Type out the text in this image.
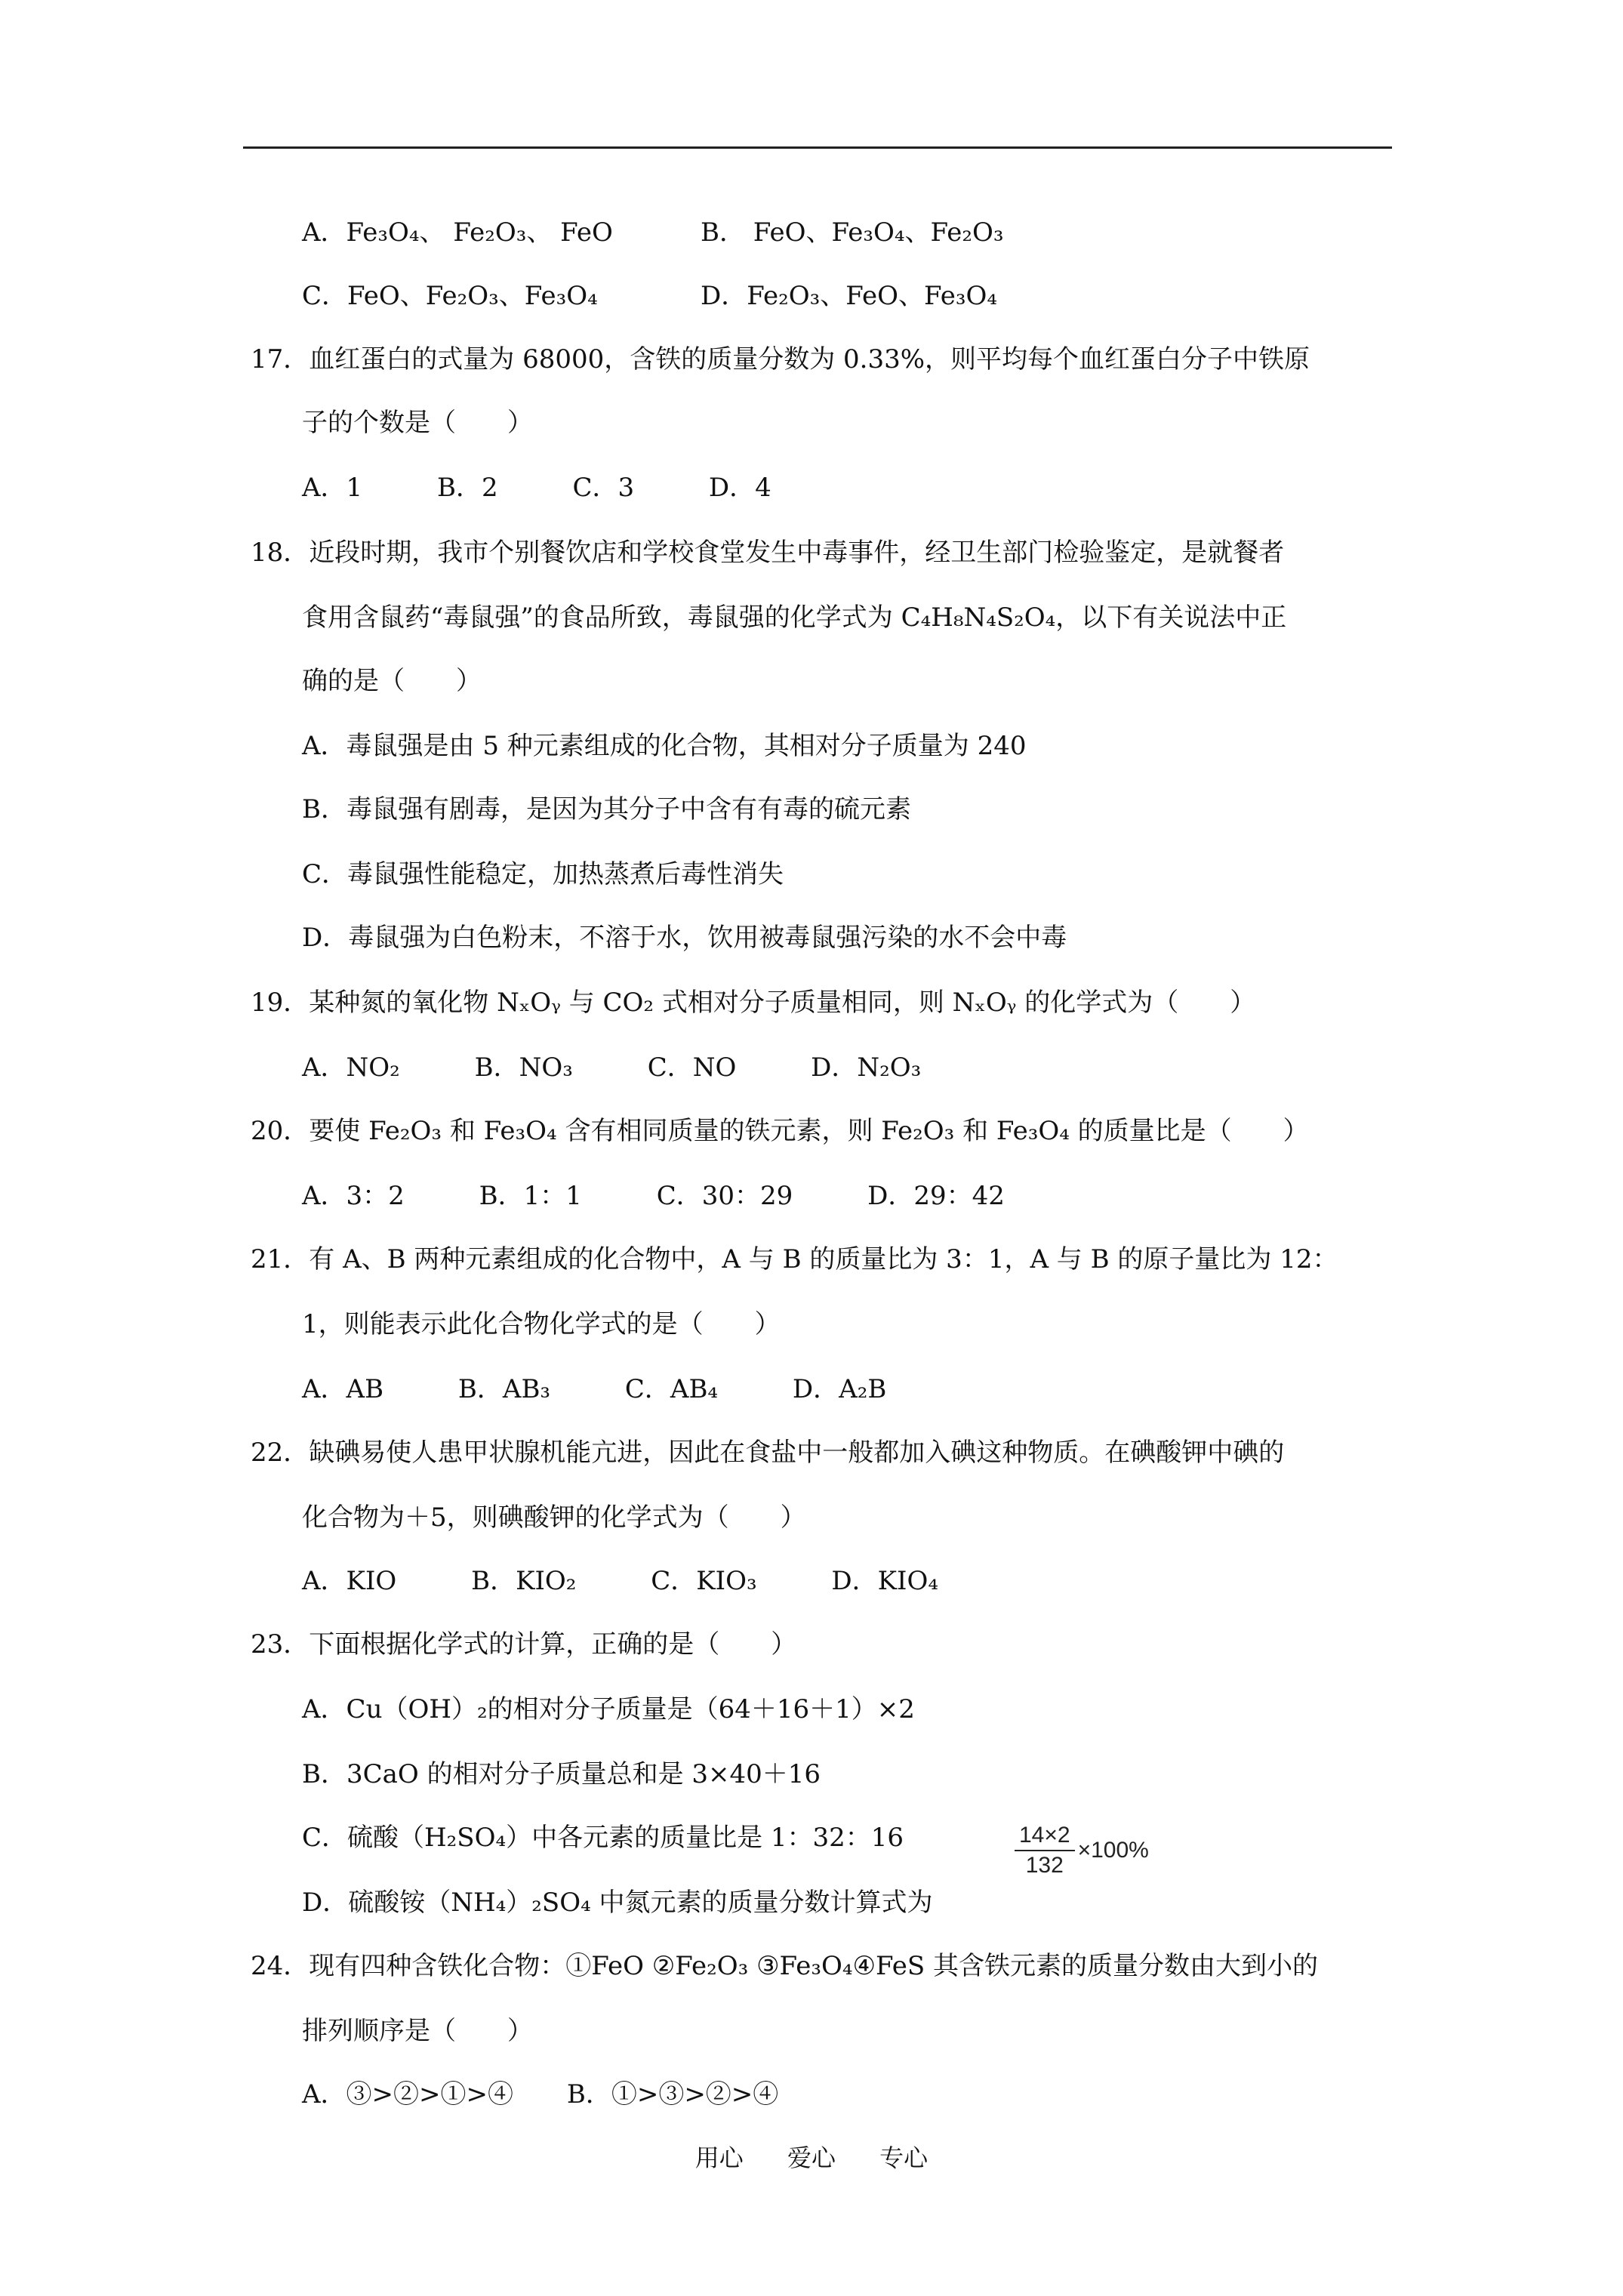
A．Fe₃O₄、 Fe₂O₃、 FeO	B． FeO、Fe₃O₄、Fe₂O₃
C．FeO、Fe₂O₃、Fe₃O₄	D．Fe₂O₃、FeO、Fe₃O₄
17．血红蛋白的式量为 68000，含铁的质量分数为 0.33%，则平均每个血红蛋白分子中铁原
子的个数是（　　）
A．1	B．2	C．3	D．4
18．近段时期，我市个别餐饮店和学校食堂发生中毒事件，经卫生部门检验鉴定，是就餐者
食用含鼠药“毒鼠强”的食品所致，毒鼠强的化学式为 C₄H₈N₄S₂O₄，以下有关说法中正
确的是（　　）
A．毒鼠强是由 5 种元素组成的化合物，其相对分子质量为 240
B．毒鼠强有剧毒，是因为其分子中含有有毒的硫元素
C．毒鼠强性能稳定，加热蒸煮后毒性消失
D．毒鼠强为白色粉末，不溶于水，饮用被毒鼠强污染的水不会中毒
19．某种氮的氧化物 NₓOᵧ 与 CO₂ 式相对分子质量相同，则 NₓOᵧ 的化学式为（　　）
A．NO₂	B．NO₃	C．NO	D．N₂O₃
20．要使 Fe₂O₃ 和 Fe₃O₄ 含有相同质量的铁元素，则 Fe₂O₃ 和 Fe₃O₄ 的质量比是（　　）
A．3：2	B．1：1	C．30：29	D．29：42
21．有 A、B 两种元素组成的化合物中，A 与 B 的质量比为 3：1，A 与 B 的原子量比为 12：
1，则能表示此化合物化学式的是（　　）
A．AB	B．AB₃	C．AB₄	D．A₂B
22．缺碘易使人患甲状腺机能亢进，因此在食盐中一般都加入碘这种物质。在碘酸钾中碘的
化合物为＋5，则碘酸钾的化学式为（　　）
A．KIO	B．KIO₂	C．KIO₃	D．KIO₄
23．下面根据化学式的计算，正确的是（　　）
A．Cu（OH）₂的相对分子质量是（64＋16＋1）×2
B．3CaO 的相对分子质量总和是 3×40＋16
C．硫酸（H₂SO₄）中各元素的质量比是 1：32：16
D．硫酸铵（NH₄）₂SO₄ 中氮元素的质量分数计算式为
$\frac{14\times 2}{132} \times 100\%$
24．现有四种含铁化合物：①FeO ②Fe₂O₃ ③Fe₃O₄④FeS 其含铁元素的质量分数由大到小的
排列顺序是（　　）
A．③>②>①>④ B．①>③>②>④
用心 爱心 专心
